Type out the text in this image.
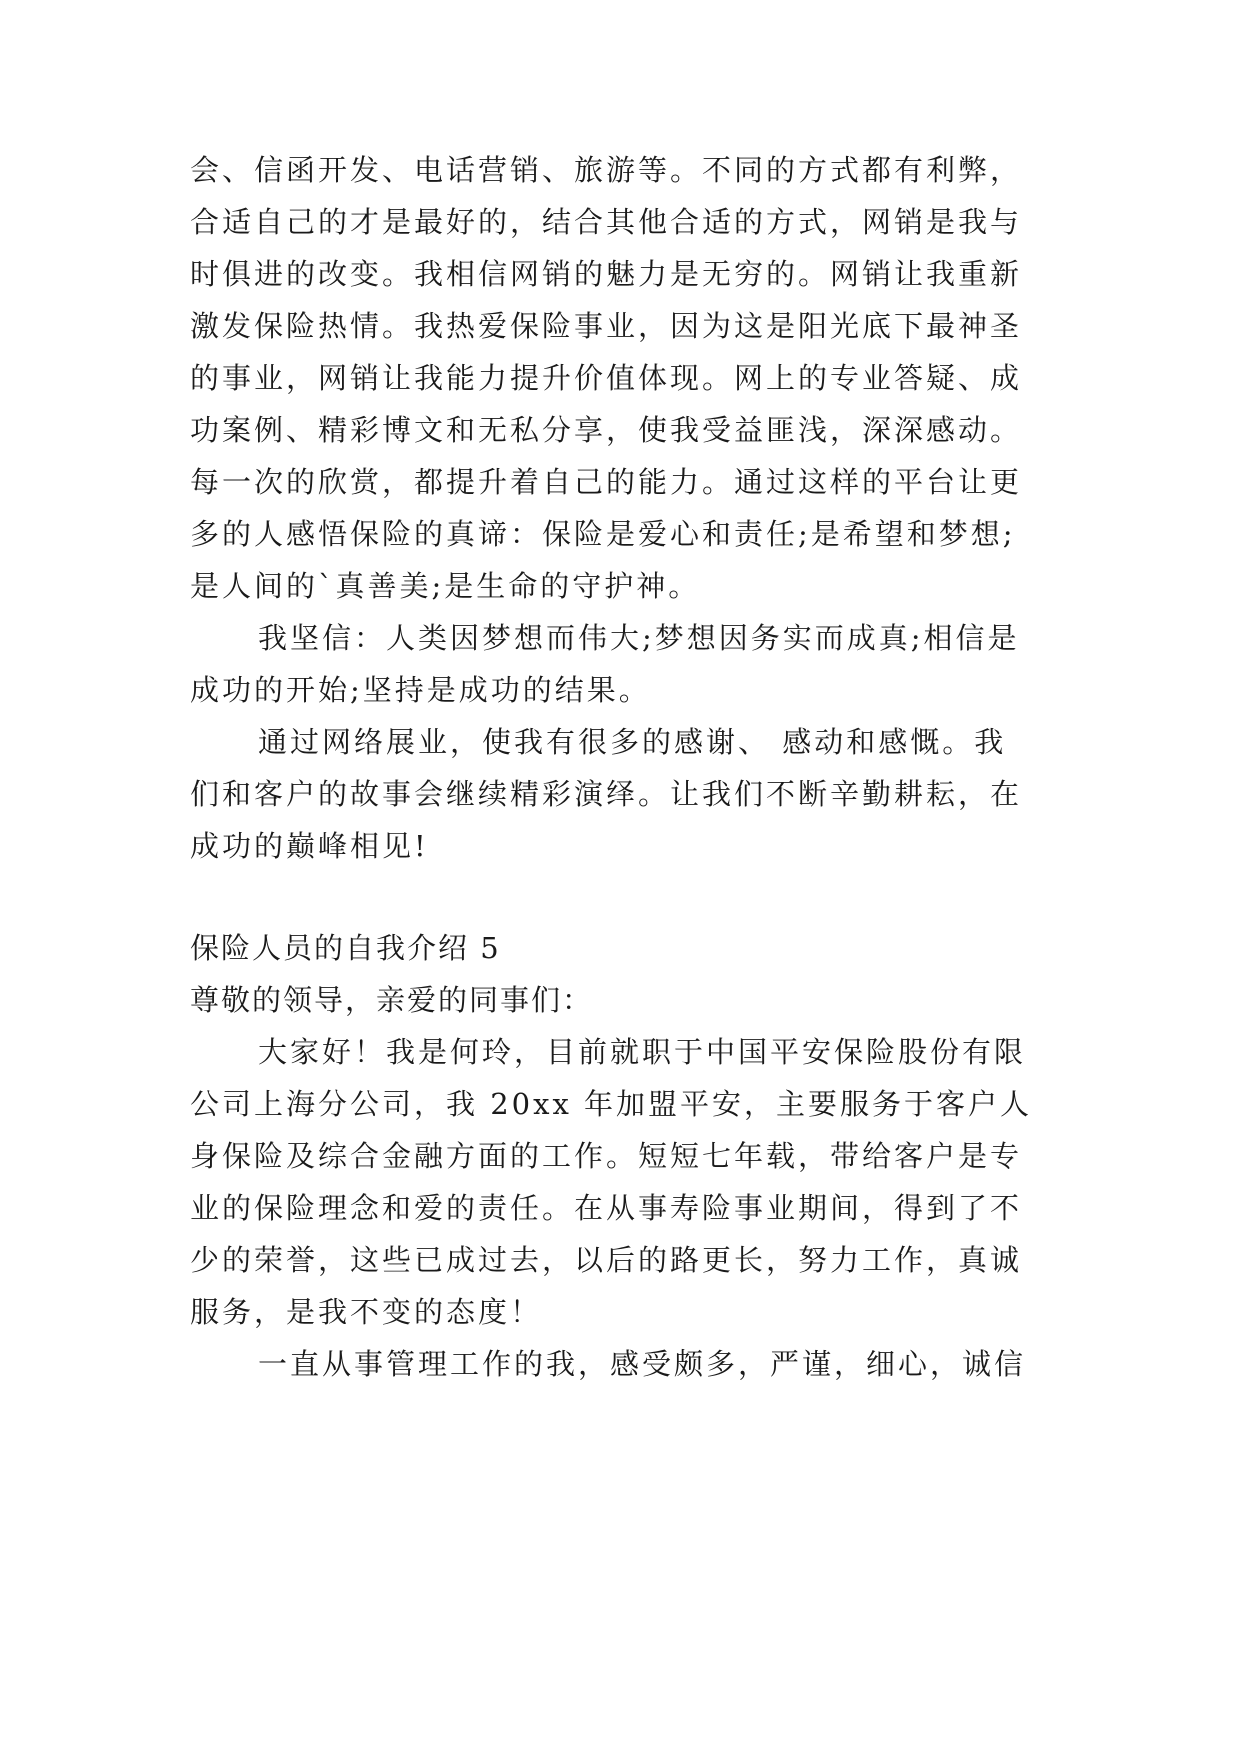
会、信函开发、电话营销、旅游等。不同的方式都有利弊，
合适自己的才是最好的，结合其他合适的方式，网销是我与
时俱进的改变。我相信网销的魅力是无穷的。网销让我重新
激发保险热情。我热爱保险事业，因为这是阳光底下最神圣
的事业，网销让我能力提升价值体现。网上的专业答疑、成
功案例、精彩博文和无私分享，使我受益匪浅，深深感动。
每一次的欣赏，都提升着自己的能力。通过这样的平台让更
多的人感悟保险的真谛：保险是爱心和责任;是希望和梦想;
是人间的`真善美;是生命的守护神。
我坚信：人类因梦想而伟大;梦想因务实而成真;相信是
成功的开始;坚持是成功的结果。
通过网络展业，使我有很多的感谢、 感动和感慨。我
们和客户的故事会继续精彩演绎。让我们不断辛勤耕耘，在
成功的巅峰相见!
保险人员的自我介绍 5
尊敬的领导，亲爱的同事们：
大家好！我是何玲，目前就职于中国平安保险股份有限
公司上海分公司，我 20xx 年加盟平安，主要服务于客户人
身保险及综合金融方面的工作。短短七年载，带给客户是专
业的保险理念和爱的责任。在从事寿险事业期间，得到了不
少的荣誉，这些已成过去，以后的路更长，努力工作，真诚
服务，是我不变的态度！
一直从事管理工作的我，感受颇多，严谨，细心，诚信
